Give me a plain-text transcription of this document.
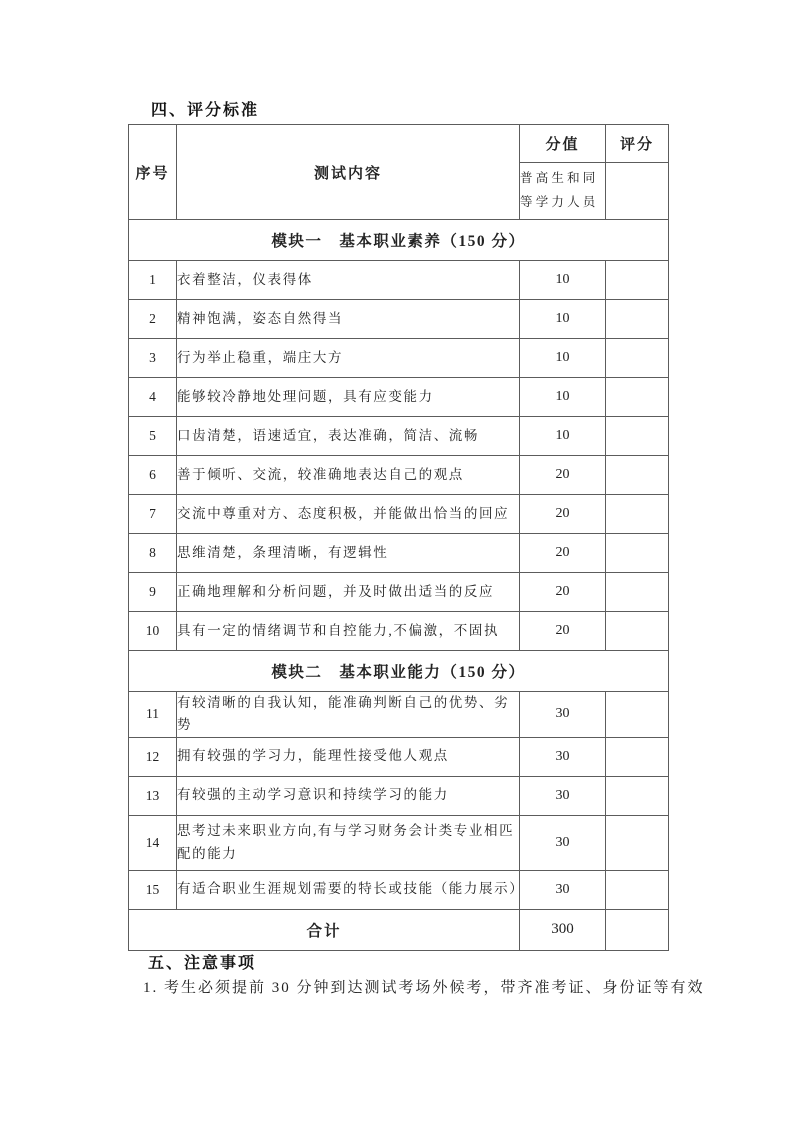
四、评分标准
序号	测试内容	分值	评分
		普高生和同等学力人员	
模块一　基本职业素养（150 分）			
1	衣着整洁，仪表得体	10	
2	精神饱满，姿态自然得当	10	
3	行为举止稳重，端庄大方	10	
4	能够较冷静地处理问题，具有应变能力	10	
5	口齿清楚，语速适宜，表达准确，简洁、流畅	10	
6	善于倾听、交流，较准确地表达自己的观点	20	
7	交流中尊重对方、态度积极，并能做出恰当的回应	20	
8	思维清楚，条理清晰，有逻辑性	20	
9	正确地理解和分析问题，并及时做出适当的反应	20	
10	具有一定的情绪调节和自控能力,不偏激，不固执	20	
模块二　基本职业能力（150 分）			
11	有较清晰的自我认知，能准确判断自己的优势、劣势	30	
12	拥有较强的学习力，能理性接受他人观点	30	
13	有较强的主动学习意识和持续学习的能力	30	
14	思考过未来职业方向,有与学习财务会计类专业相匹配的能力	30	
15	有适合职业生涯规划需要的特长或技能（能力展示）	30	
合计		300	
五、注意事项
1. 考生必须提前 30 分钟到达测试考场外候考，带齐准考证、身份证等有效
